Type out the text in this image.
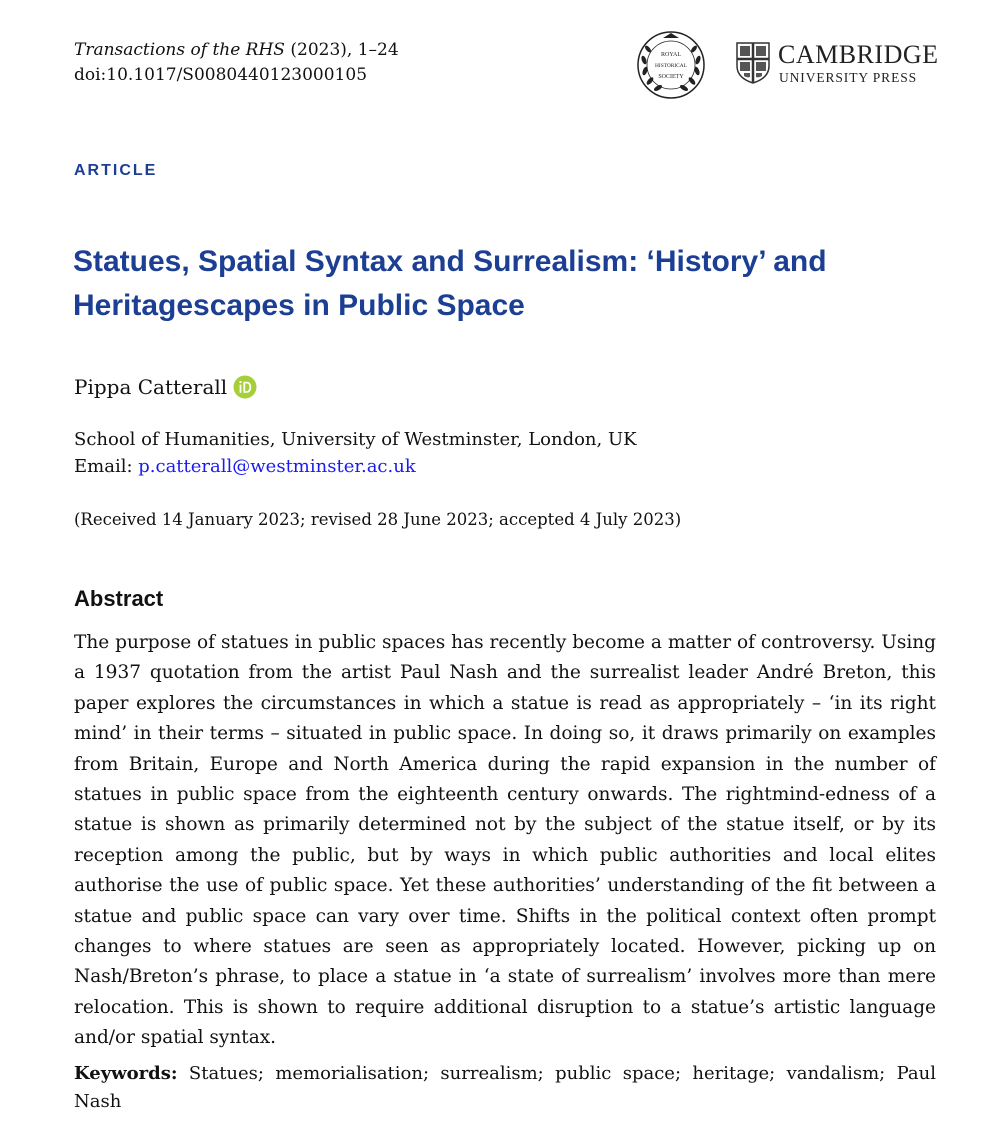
Transactions of the RHS (2023), 1–24
doi:10.1017/S0080440123000105
ROYAL
HISTORICAL
SOCIETY
CAMBRIDGE
UNIVERSITY PRESS
ARTICLE
Statues, Spatial Syntax and Surrealism: ‘History’ and Heritagescapes in Public Space
Pippa Catterall
School of Humanities, University of Westminster, London, UK
Email: p.catterall@westminster.ac.uk
(Received 14 January 2023; revised 28 June 2023; accepted 4 July 2023)
Abstract

The purpose of statues in public spaces has recently become a matter of controversy. Using a 1937 quotation from the artist Paul Nash and the surrealist leader André Breton, this paper explores the circumstances in which a statue is read as appropriately – ‘in its right mind’ in their terms – situated in public space. In doing so, it draws primarily on examples from Britain, Europe and North America during the rapid expansion in the number of statues in public space from the eighteenth century onwards. The rightmind-edness of a statue is shown as primarily determined not by the subject of the statue itself, or by its reception among the public, but by ways in which public authorities and local elites authorise the use of public space. Yet these authorities’ understanding of the fit between a statue and public space can vary over time. Shifts in the political context often prompt changes to where statues are seen as appropriately located. However, picking up on Nash/Breton’s phrase, to place a statue in ‘a state of surrealism’ involves more than mere relocation. This is shown to require additional disruption to a statue’s artistic language and/or spatial syntax.

Keywords: Statues; memorialisation; surrealism; public space; heritage; vandalism; Paul Nash
